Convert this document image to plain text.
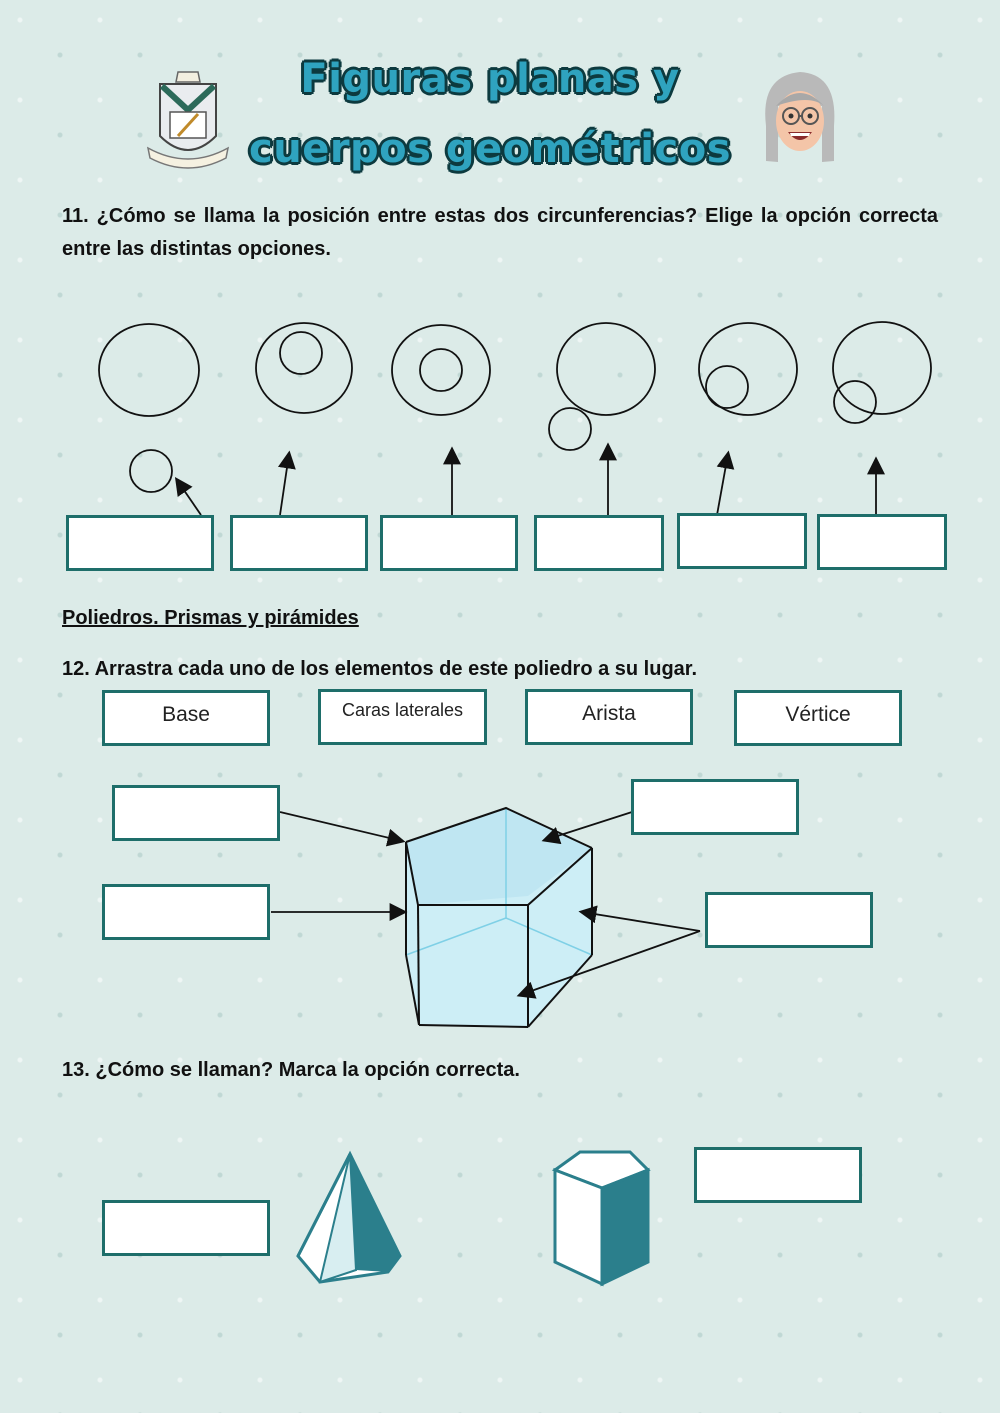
Figuras planas y
cuerpos geométricos
11. ¿Cómo se llama la posición entre estas dos circunferencias? Elige la opción correcta entre las distintas opciones.
Poliedros. Prismas y pirámides
12. Arrastra cada uno de los elementos de este poliedro a su lugar.
Base	Caras laterales	Arista	Vértice
13. ¿Cómo se llaman? Marca la opción correcta.
